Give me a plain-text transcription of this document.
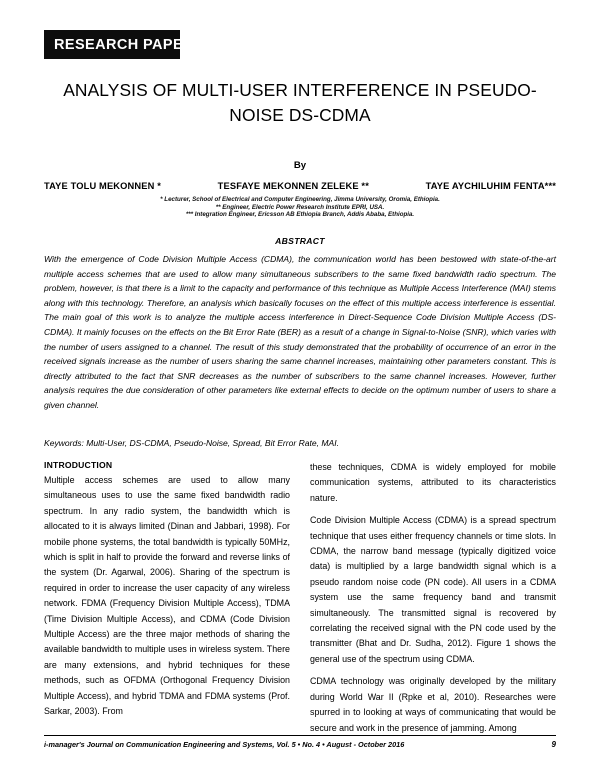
RESEARCH PAPERS
ANALYSIS OF MULTI-USER INTERFERENCE IN PSEUDO-NOISE DS-CDMA
By
TAYE TOLU MEKONNEN *	TESFAYE MEKONNEN ZELEKE **	TAYE AYCHILUHIM FENTA***
* Lecturer, School of Electrical and Computer Engineering, Jimma University, Oromia, Ethiopia.
** Engineer, Electric Power Research Institute EPRI, USA.
*** Integration Engineer, Ericsson AB Ethiopia Branch, Addis Ababa, Ethiopia.
ABSTRACT

With the emergence of Code Division Multiple Access (CDMA), the communication world has been bestowed with state-of-the-art multiple access schemes that are used to allow many simultaneous subscribers to the same fixed bandwidth radio spectrum. The problem, however, is that there is a limit to the capacity and performance of this technique as Multiple Access Interference (MAI) stems along with this technology. Therefore, an analysis which basically focuses on the effect of this multiple access interference is essential. The main goal of this work is to analyze the multiple access interference in Direct-Sequence Code Division Multiple Access (DS-CDMA). It mainly focuses on the effects on the Bit Error Rate (BER) as a result of a change in Signal-to-Noise (SNR), which varies with the number of users assigned to a channel. The result of this study demonstrated that the probability of occurrence of an error in the received signals increase as the number of users sharing the same channel increases, maintaining other parameters constant. This is directly attributed to the fact that SNR decreases as the number of subscribers to the same channel increases. However, further analysis requires the due consideration of other parameters like external effects to decide on the optimum number of users to share a given channel.

Keywords: Multi-User, DS-CDMA, Pseudo-Noise, Spread, Bit Error Rate, MAI.
INTRODUCTION

Multiple access schemes are used to allow many simultaneous uses to use the same fixed bandwidth radio spectrum. In any radio system, the bandwidth which is allocated to it is always limited (Dinan and Jabbari, 1998). For mobile phone systems, the total bandwidth is typically 50MHz, which is split in half to provide the forward and reverse links of the system (Dr. Agarwal, 2006). Sharing of the spectrum is required in order to increase the user capacity of any wireless network. FDMA (Frequency Division Multiple Access), TDMA (Time Division Multiple Access), and CDMA (Code Division Multiple Access) are the three major methods of sharing the available bandwidth to multiple uses in wireless system. There are many extensions, and hybrid techniques for these methods, such as OFDMA (Orthogonal Frequency Division Multiple Access), and hybrid TDMA and FDMA systems (Prof. Sarkar, 2003). From

these techniques, CDMA is widely employed for mobile communication systems, attributed to its characteristics nature.

Code Division Multiple Access (CDMA) is a spread spectrum technique that uses either frequency channels or time slots. In CDMA, the narrow band message (typically digitized voice data) is multiplied by a large bandwidth signal which is a pseudo random noise code (PN code). All users in a CDMA system use the same frequency band and transmit simultaneously. The transmitted signal is recovered by correlating the received signal with the PN code used by the transmitter (Bhat and Dr. Sudha, 2012). Figure 1 shows the general use of the spectrum using CDMA.

CDMA technology was originally developed by the military during World War II (Rpke et al, 2010). Researches were spurred in to looking at ways of communicating that would be secure and work in the presence of jamming. Among

i-manager's Journal on Communication Engineering and Systems, Vol. 5 • No. 4 • August - October 2016	9
